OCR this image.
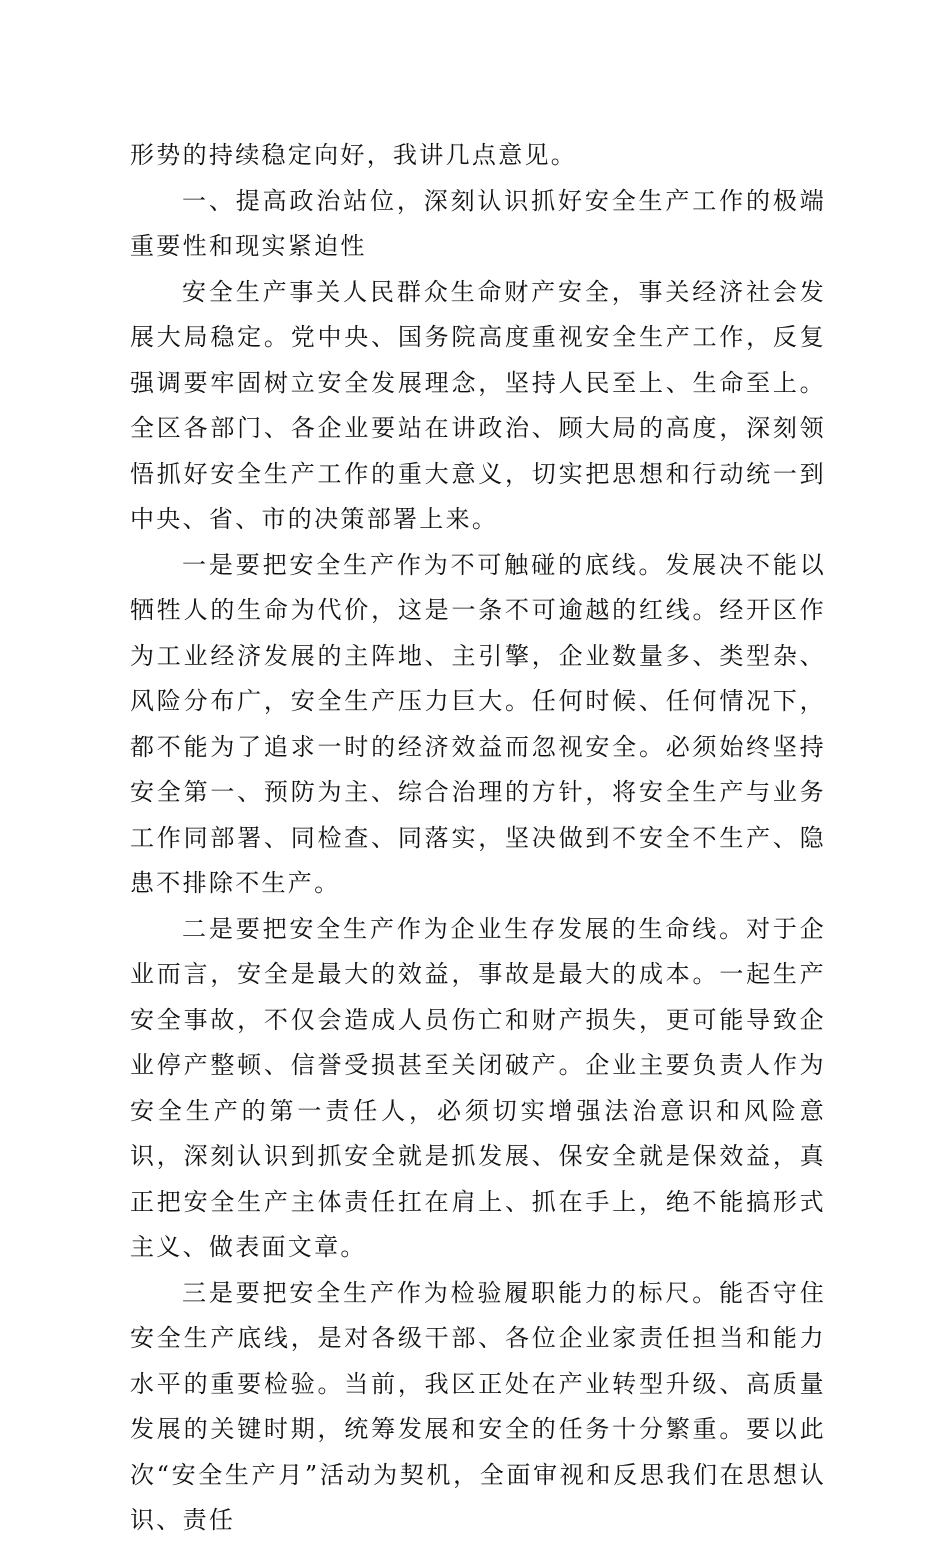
形势的持续稳定向好，我讲几点意见。

一、提高政治站位，深刻认识抓好安全生产工作的极端重要性和现实紧迫性

安全生产事关人民群众生命财产安全，事关经济社会发展大局稳定。党中央、国务院高度重视安全生产工作，反复强调要牢固树立安全发展理念，坚持人民至上、生命至上。全区各部门、各企业要站在讲政治、顾大局的高度，深刻领悟抓好安全生产工作的重大意义，切实把思想和行动统一到中央、省、市的决策部署上来。

一是要把安全生产作为不可触碰的底线。发展决不能以牺牲人的生命为代价，这是一条不可逾越的红线。经开区作为工业经济发展的主阵地、主引擎，企业数量多、类型杂、风险分布广，安全生产压力巨大。任何时候、任何情况下，都不能为了追求一时的经济效益而忽视安全。必须始终坚持安全第一、预防为主、综合治理的方针，将安全生产与业务工作同部署、同检查、同落实，坚决做到不安全不生产、隐患不排除不生产。

二是要把安全生产作为企业生存发展的生命线。对于企业而言，安全是最大的效益，事故是最大的成本。一起生产安全事故，不仅会造成人员伤亡和财产损失，更可能导致企业停产整顿、信誉受损甚至关闭破产。企业主要负责人作为安全生产的第一责任人，必须切实增强法治意识和风险意识，深刻认识到抓安全就是抓发展、保安全就是保效益，真正把安全生产主体责任扛在肩上、抓在手上，绝不能搞形式主义、做表面文章。

三是要把安全生产作为检验履职能力的标尺。能否守住安全生产底线，是对各级干部、各位企业家责任担当和能力水平的重要检验。当前，我区正处在产业转型升级、高质量发展的关键时期，统筹发展和安全的任务十分繁重。要以此次“安全生产月”活动为契机，全面审视和反思我们在思想认识、责任
